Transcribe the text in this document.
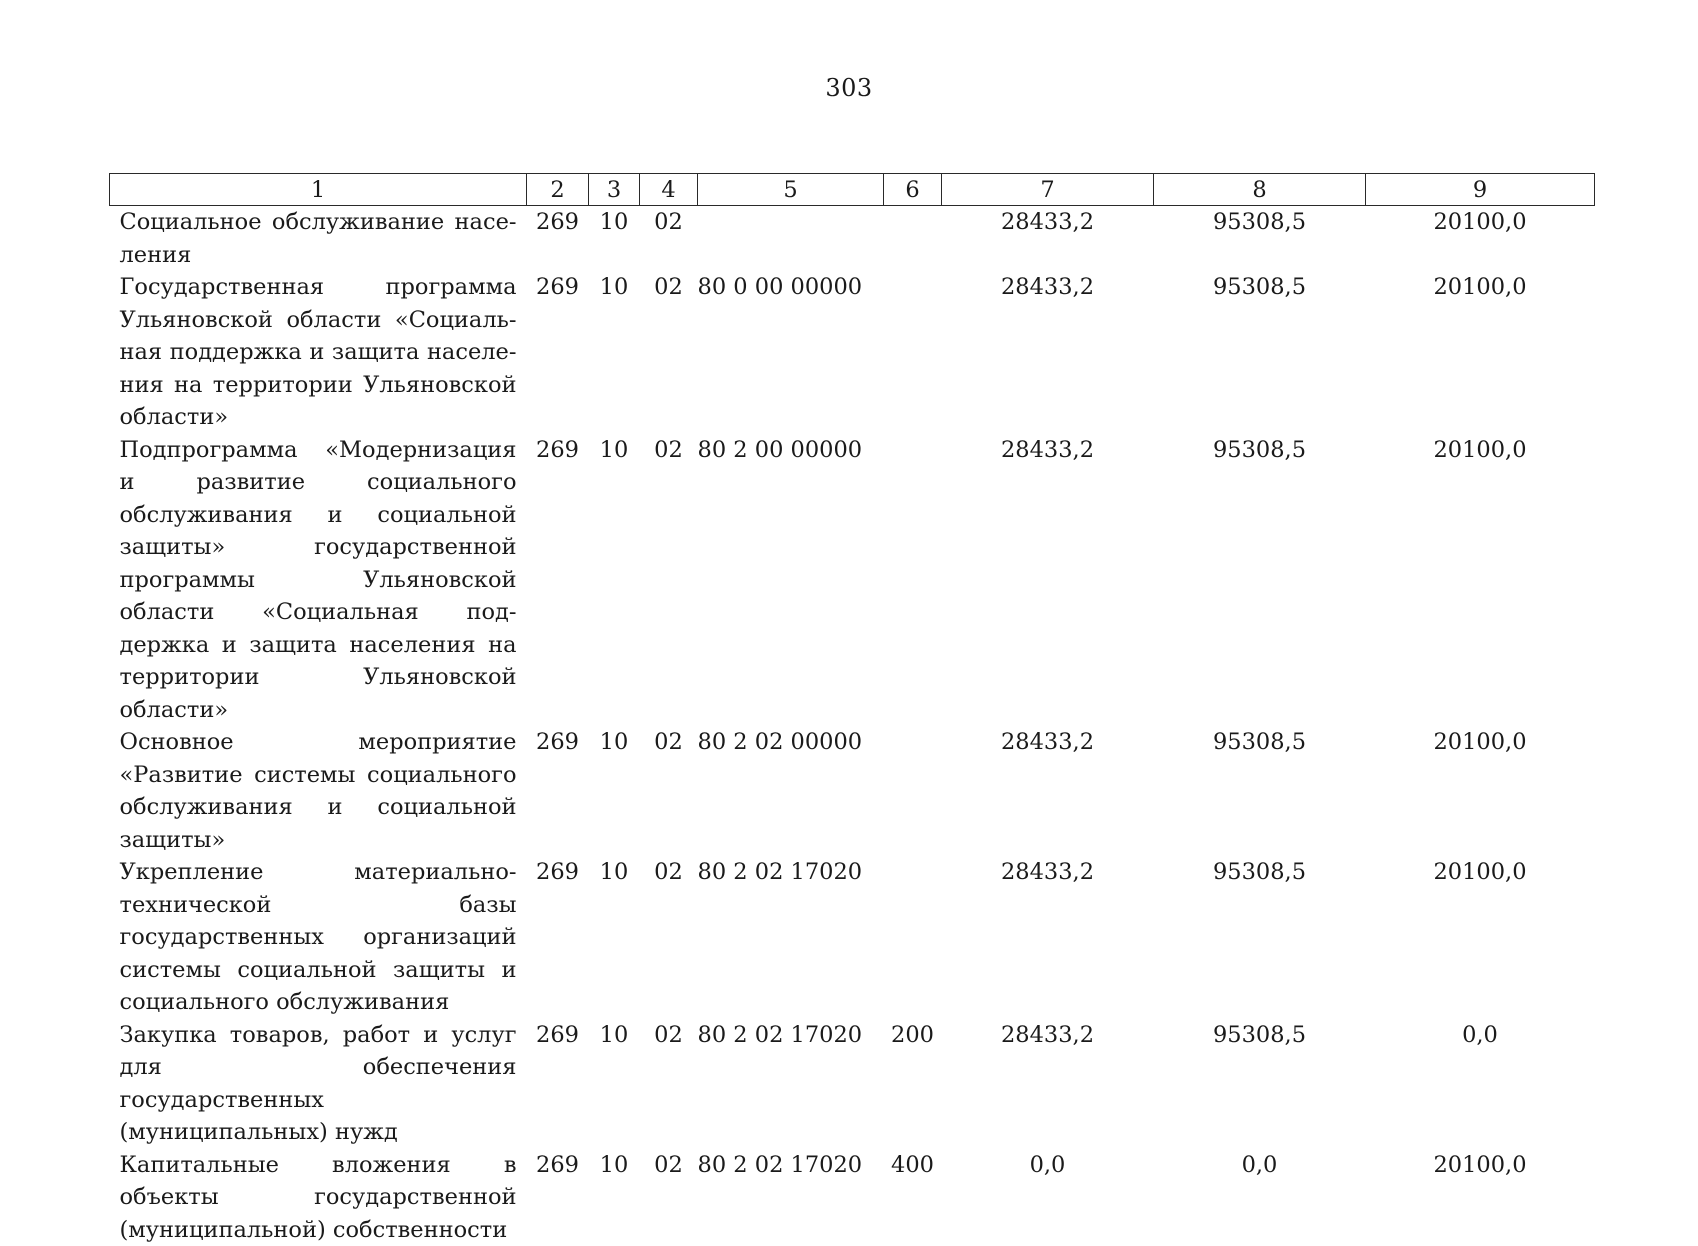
303
1	2	3	4	5	6	7	8	9
Социальное обслуживание населения	269	10	02			28433,2	95308,5	20100,0
Государственная программа Ульяновской области «Социальная поддержка и защита населения на территории Ульяновской области»	269	10	02	80 0 00 00000		28433,2	95308,5	20100,0
Подпрограмма «Модернизация и развитие социального обслуживания и социальной защиты» государственной программы Ульяновской области «Социальная поддержка и защита населения на территории Ульяновской области»	269	10	02	80 2 00 00000		28433,2	95308,5	20100,0
Основное мероприятие «Развитие системы социального обслуживания и социальной защиты»	269	10	02	80 2 02 00000		28433,2	95308,5	20100,0
Укрепление материально-технической базы государственных организаций системы социальной защиты и социального обслуживания	269	10	02	80 2 02 17020		28433,2	95308,5	20100,0
Закупка товаров, работ и услуг для обеспечения государственных (муниципальных) нужд	269	10	02	80 2 02 17020	200	28433,2	95308,5	0,0
Капитальные вложения в объекты государственной (муниципальной) собственности	269	10	02	80 2 02 17020	400	0,0	0,0	20100,0
